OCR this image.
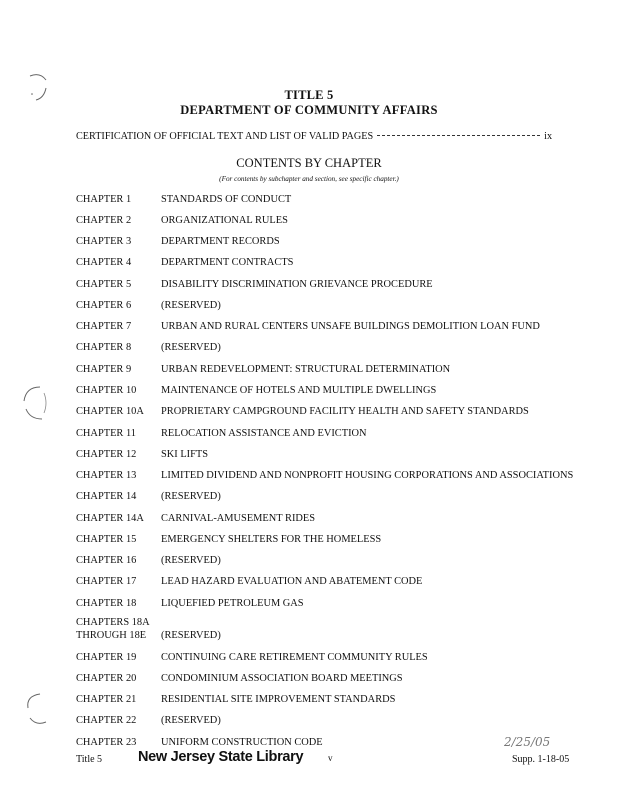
TITLE 5
DEPARTMENT OF COMMUNITY AFFAIRS
CERTIFICATION OF OFFICIAL TEXT AND LIST OF VALID PAGES	ix
CONTENTS BY CHAPTER
(For contents by subchapter and section, see specific chapter.)
CHAPTER 1	STANDARDS OF CONDUCT
CHAPTER 2	ORGANIZATIONAL RULES
CHAPTER 3	DEPARTMENT RECORDS
CHAPTER 4	DEPARTMENT CONTRACTS
CHAPTER 5	DISABILITY DISCRIMINATION GRIEVANCE PROCEDURE
CHAPTER 6	(RESERVED)
CHAPTER 7	URBAN AND RURAL CENTERS UNSAFE BUILDINGS DEMOLITION LOAN FUND
CHAPTER 8	(RESERVED)
CHAPTER 9	URBAN REDEVELOPMENT: STRUCTURAL DETERMINATION
CHAPTER 10 MAINTENANCE OF HOTELS AND MULTIPLE DWELLINGS
CHAPTER 10A PROPRIETARY CAMPGROUND FACILITY HEALTH AND SAFETY STANDARDS
CHAPTER 11 RELOCATION ASSISTANCE AND EVICTION
CHAPTER 12 SKI LIFTS
CHAPTER 13 LIMITED DIVIDEND AND NONPROFIT HOUSING CORPORATIONS AND ASSOCIATIONS
CHAPTER 14 (RESERVED)
CHAPTER 14A CARNIVAL-AMUSEMENT RIDES
CHAPTER 15 EMERGENCY SHELTERS FOR THE HOMELESS
CHAPTER 16 (RESERVED)
CHAPTER 17 LEAD HAZARD EVALUATION AND ABATEMENT CODE
CHAPTER 18 LIQUEFIED PETROLEUM GAS
CHAPTERS 18A
THROUGH 18E (RESERVED)
CHAPTER 19 CONTINUING CARE RETIREMENT COMMUNITY RULES
CHAPTER 20 CONDOMINIUM ASSOCIATION BOARD MEETINGS
CHAPTER 21 RESIDENTIAL SITE IMPROVEMENT STANDARDS
CHAPTER 22 (RESERVED)
CHAPTER 23 UNIFORM CONSTRUCTION CODE	2/25/05
Title 5 New Jersey State Library	v	Supp. 1-18-05
